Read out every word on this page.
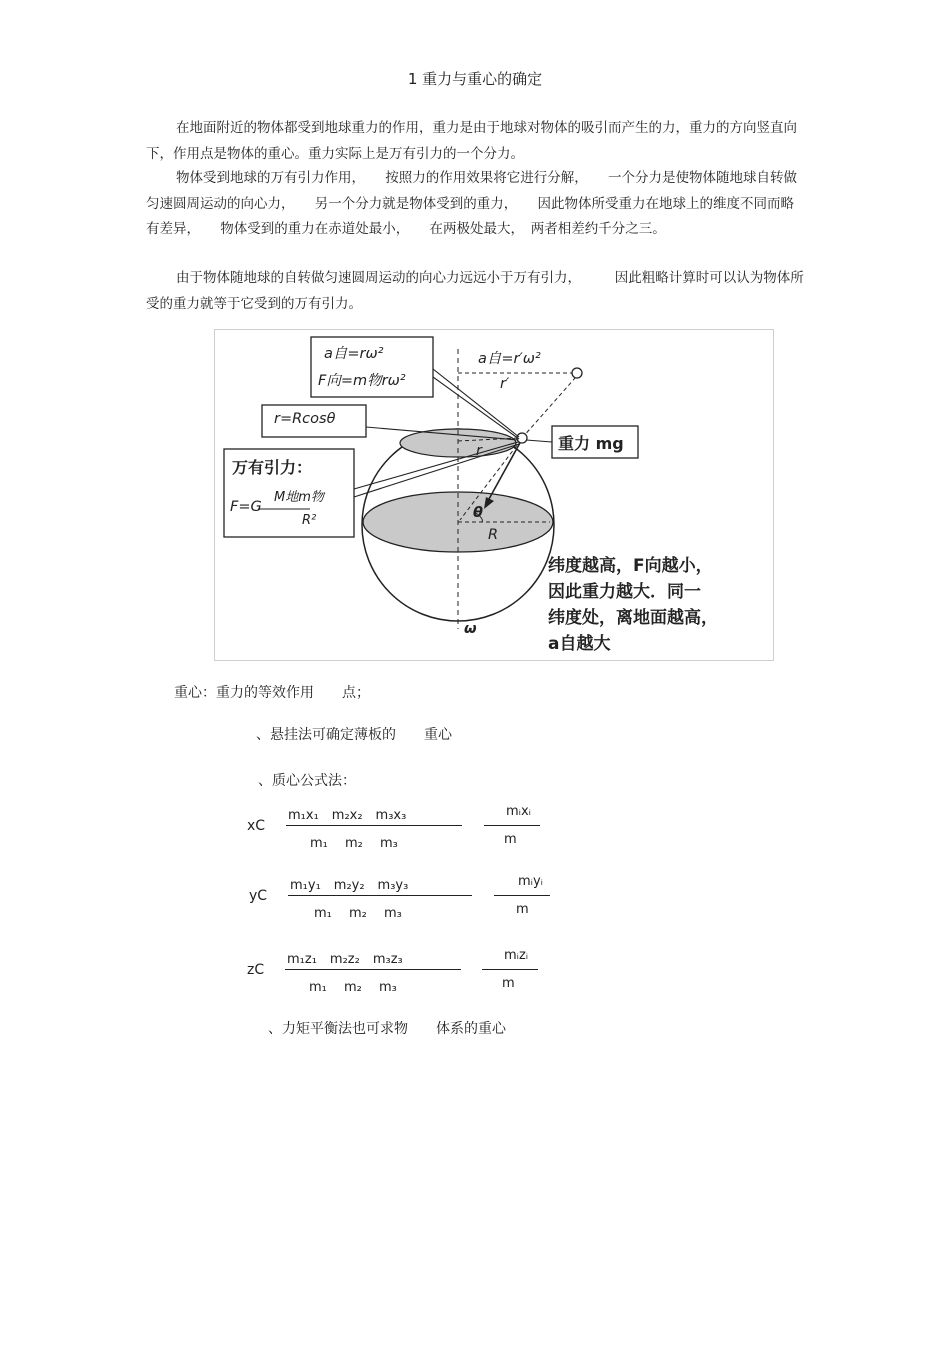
1 重力与重心的确定

在地面附近的物体都受到地球重力的作用，重力是由于地球对物体的吸引而产生的力，重力的方向竖直向下，作用点是物体的重心。重力实际上是万有引力的一个分力。

物体受到地球的万有引力作用，　　按照力的作用效果将它进行分解，　　一个分力是使物体随地球自转做匀速圆周运动的向心力，　　另一个分力就是物体受到的重力，　　因此物体所受重力在地球上的维度不同而略有差异，　　物体受到的重力在赤道处最小，　　在两极处最大，　两者相差约千分之三。

由于物体随地球的自转做匀速圆周运动的向心力远远小于万有引力，　　　因此粗略计算时可以认为物体所受的重力就等于它受到的万有引力。

a自=rω²
F向=m物rω²
r=Rcosθ
万有引力：
F=G
M地m物
R²
重力 mg
a自=r′ω²
r′
r
θ
R
ω
纬度越高，F向越小，
因此重力越大．同一
纬度处，离地面越高，
a自越大
重心：重力的等效作用　　点；
、悬挂法可确定薄板的　　重心
、质心公式法：
xC
m₁x₁　m₂x₂　m₃x₃
m₁　 m₂　 m₃
mᵢxᵢ
m
yC
m₁y₁　m₂y₂　m₃y₃
m₁　 m₂　 m₃
mᵢyᵢ
m
zC
m₁z₁　m₂z₂　m₃z₃
m₁　 m₂　 m₃
mᵢzᵢ
m
、力矩平衡法也可求物　　体系的重心
